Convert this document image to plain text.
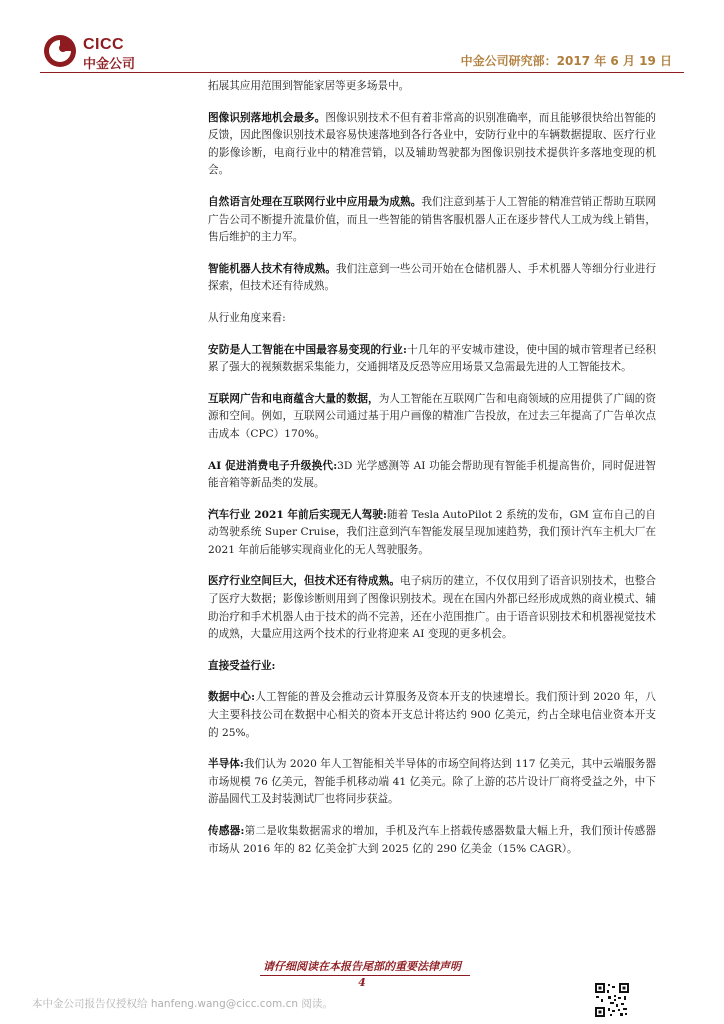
CICC
中金公司	中金公司研究部：2017 年 6 月 19 日

拓展其应用范围到智能家居等更多场景中。

图像识别落地机会最多。图像识别技术不但有着非常高的识别准确率，而且能够很快给出智能的反馈，因此图像识别技术最容易快速落地到各行各业中，安防行业中的车辆数据提取、医疗行业的影像诊断，电商行业中的精准营销，以及辅助驾驶都为图像识别技术提供许多落地变现的机会。

自然语言处理在互联网行业中应用最为成熟。我们注意到基于人工智能的精准营销正帮助互联网广告公司不断提升流量价值，而且一些智能的销售客服机器人正在逐步替代人工成为线上销售，售后维护的主力军。

智能机器人技术有待成熟。我们注意到一些公司开始在仓储机器人、手术机器人等细分行业进行探索，但技术还有待成熟。

从行业角度来看:

安防是人工智能在中国最容易变现的行业:十几年的平安城市建设，使中国的城市管理者已经积累了强大的视频数据采集能力，交通拥堵及反恐等应用场景又急需最先进的人工智能技术。

互联网广告和电商蕴含大量的数据，为人工智能在互联网广告和电商领域的应用提供了广阔的资源和空间。例如，互联网公司通过基于用户画像的精准广告投放，在过去三年提高了广告单次点击成本（CPC）170%。

AI 促进消费电子升级换代:3D 光学感测等 AI 功能会帮助现有智能手机提高售价，同时促进智能音箱等新品类的发展。

汽车行业 2021 年前后实现无人驾驶:随着 Tesla AutoPilot 2 系统的发布，GM 宣布自己的自动驾驶系统 Super Cruise，我们注意到汽车智能发展呈现加速趋势，我们预计汽车主机大厂在 2021 年前后能够实现商业化的无人驾驶服务。

医疗行业空间巨大，但技术还有待成熟。电子病历的建立，不仅仅用到了语音识别技术，也整合了医疗大数据；影像诊断则用到了图像识别技术。现在在国内外都已经形成成熟的商业模式、辅助治疗和手术机器人由于技术的尚不完善，还在小范围推广。由于语音识别技术和机器视觉技术的成熟，大量应用这两个技术的行业将迎来 AI 变现的更多机会。

直接受益行业:

数据中心:人工智能的普及会推动云计算服务及资本开支的快速增长。我们预计到 2020 年，八大主要科技公司在数据中心相关的资本开支总计将达约 900 亿美元，约占全球电信业资本开支的 25%。

半导体:我们认为 2020 年人工智能相关半导体的市场空间将达到 117 亿美元，其中云端服务器市场规模 76 亿美元，智能手机移动端 41 亿美元。除了上游的芯片设计厂商将受益之外，中下游晶圆代工及封装测试厂也将同步获益。

传感器:第二是收集数据需求的增加，手机及汽车上搭载传感器数量大幅上升，我们预计传感器市场从 2016 年的 82 亿美金扩大到 2025 亿的 290 亿美金（15% CAGR）。

请仔细阅读在本报告尾部的重要法律声明
4
本中金公司报告仅授权给 hanfeng.wang@cicc.com.cn 阅读。
